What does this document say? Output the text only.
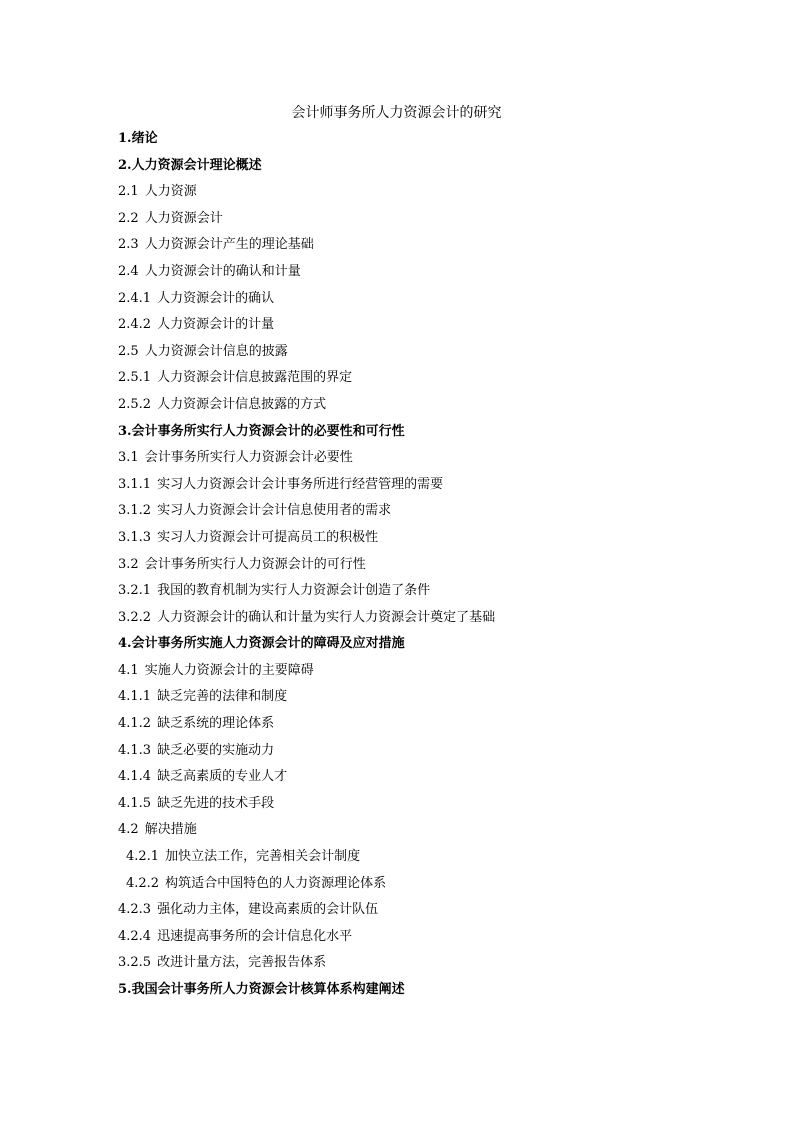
会计师事务所人力资源会计的研究
1.绪论
2.人力资源会计理论概述
2.1 人力资源
2.2 人力资源会计
2.3 人力资源会计产生的理论基础
2.4 人力资源会计的确认和计量
2.4.1 人力资源会计的确认
2.4.2 人力资源会计的计量
2.5 人力资源会计信息的披露
2.5.1 人力资源会计信息披露范围的界定
2.5.2 人力资源会计信息披露的方式
3.会计事务所实行人力资源会计的必要性和可行性
3.1 会计事务所实行人力资源会计必要性
3.1.1 实习人力资源会计会计事务所进行经营管理的需要
3.1.2 实习人力资源会计会计信息使用者的需求
3.1.3 实习人力资源会计可提高员工的积极性
3.2 会计事务所实行人力资源会计的可行性
3.2.1 我国的教育机制为实行人力资源会计创造了条件
3.2.2 人力资源会计的确认和计量为实行人力资源会计奠定了基础
4.会计事务所实施人力资源会计的障碍及应对措施
4.1 实施人力资源会计的主要障碍
4.1.1 缺乏完善的法律和制度
4.1.2 缺乏系统的理论体系
4.1.3 缺乏必要的实施动力
4.1.4 缺乏高素质的专业人才
4.1.5 缺乏先进的技术手段
4.2 解决措施
4.2.1 加快立法工作，完善相关会计制度
4.2.2 构筑适合中国特色的人力资源理论体系
4.2.3 强化动力主体，建设高素质的会计队伍
4.2.4 迅速提高事务所的会计信息化水平
3.2.5 改进计量方法，完善报告体系
5.我国会计事务所人力资源会计核算体系构建阐述
